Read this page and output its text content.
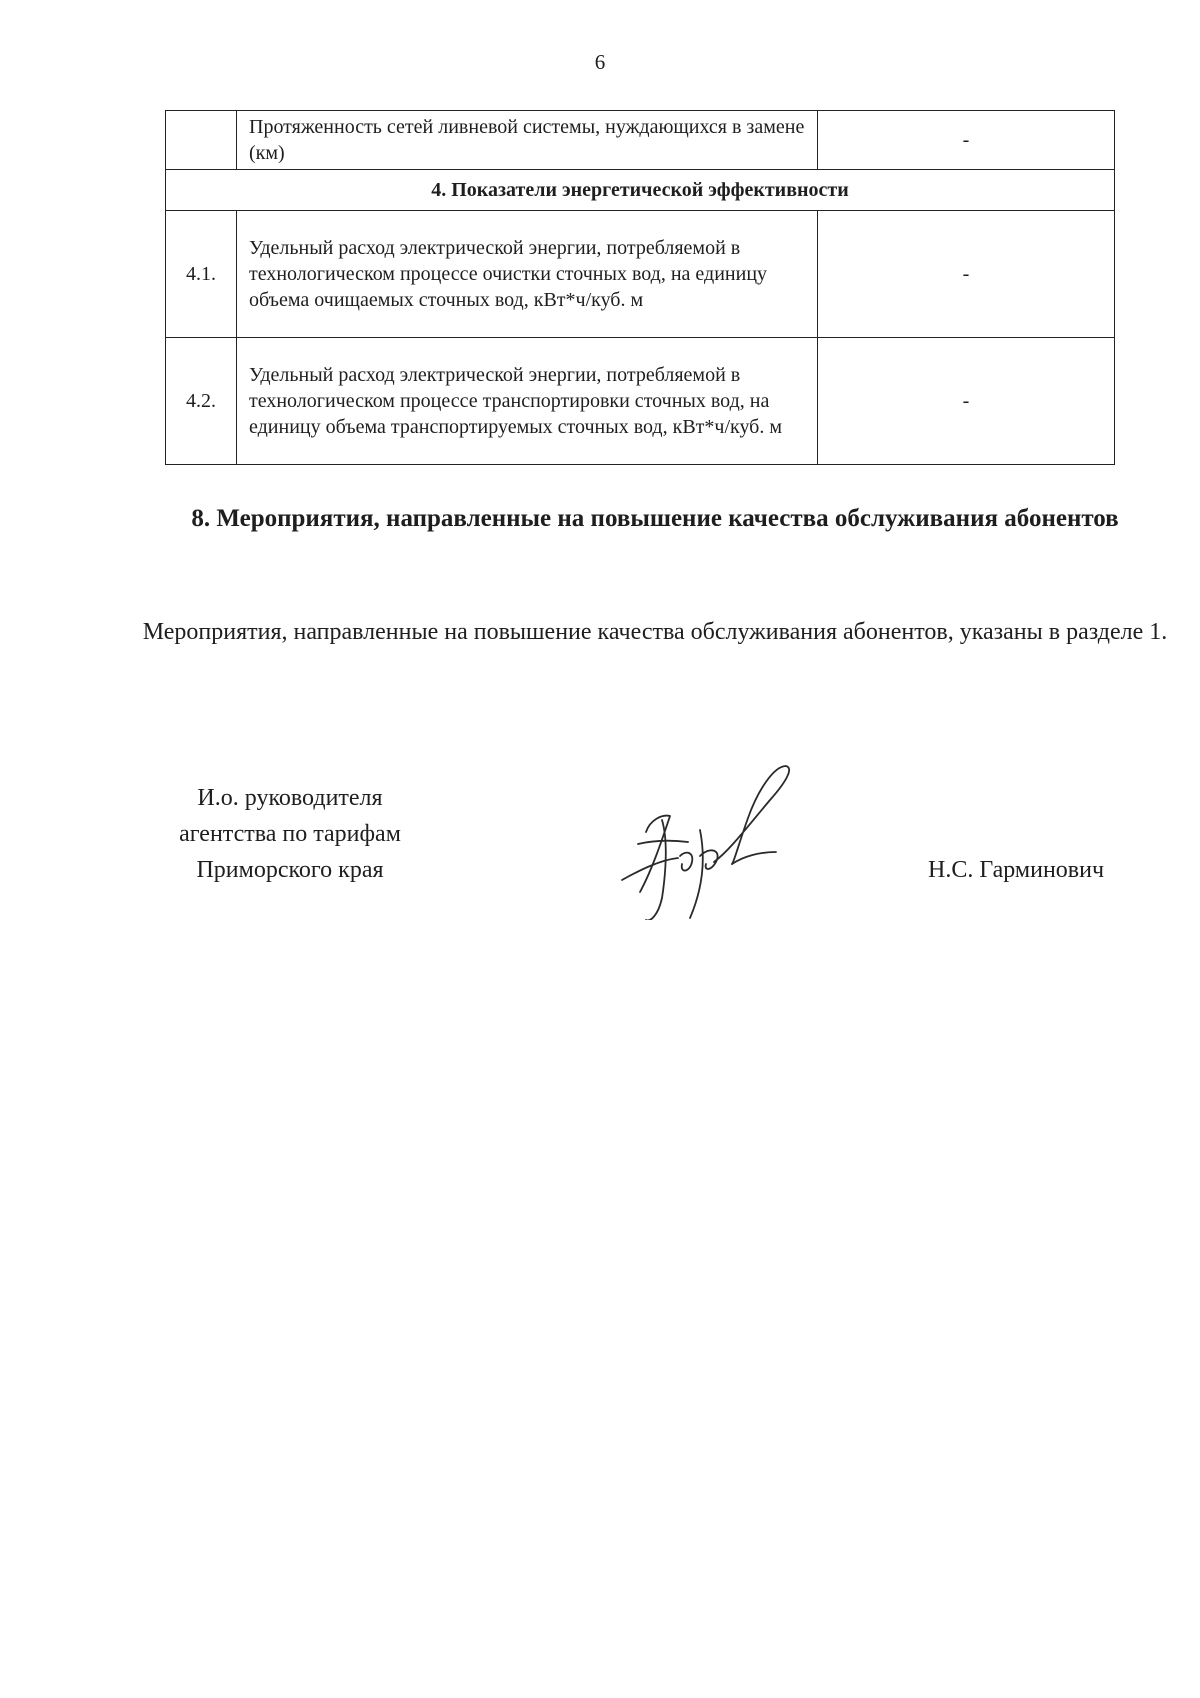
6
	Протяженность сетей ливневой системы, нуждающихся в замене (км)	-
4. Показатели энергетической эффективности		
4.1.	Удельный расход электрической энергии, потребляемой в технологическом процессе очистки сточных вод, на единицу объема очищаемых сточных вод, кВт*ч/куб. м	-
4.2.	Удельный расход электрической энергии, потребляемой в технологическом процессе транспортировки сточных вод, на единицу объема транспортируемых сточных вод, кВт*ч/куб. м	-
8. Мероприятия, направленные на повышение качества обслуживания абонентов
Мероприятия, направленные на повышение качества обслуживания абонентов, указаны в разделе 1.
И.о. руководителя
агентства по тарифам
Приморского края	Н.С. Гарминович
